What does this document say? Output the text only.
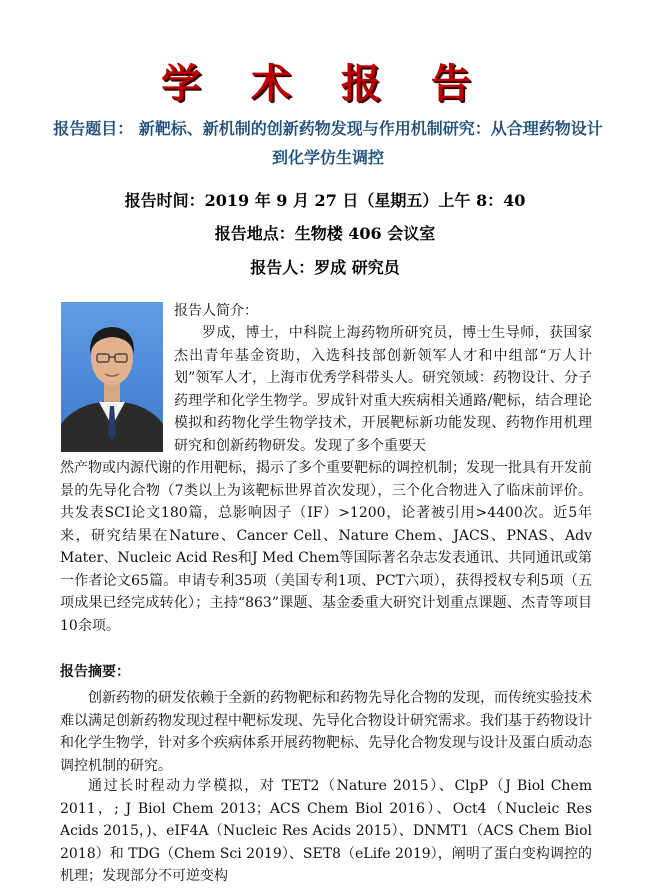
学 术 报 告
报告题目： 新靶标、新机制的创新药物发现与作用机制研究：从合理药物设计到化学仿生调控
报告时间：2019 年 9 月 27 日（星期五）上午 8：40
报告地点：生物楼 406 会议室
报告人：罗成 研究员
报告人简介：
罗成，博士，中科院上海药物所研究员，博士生导师，获国家杰出青年基金资助，入选科技部创新领军人才和中组部“万人计划”领军人才，上海市优秀学科带头人。研究领域：药物设计、分子药理学和化学生物学。罗成针对重大疾病相关通路/靶标，结合理论模拟和药物化学生物学技术，开展靶标新功能发现、药物作用机理研究和创新药物研发。发现了多个重要天
然产物或内源代谢的作用靶标，揭示了多个重要靶标的调控机制；发现一批具有开发前景的先导化合物（7类以上为该靶标世界首次发现），三个化合物进入了临床前评价。共发表SCI论文180篇，总影响因子（IF）>1200，论著被引用>4400次。近5年来，研究结果在Nature、Cancer Cell、Nature Chem、JACS、PNAS、Adv Mater、Nucleic Acid Res和J Med Chem等国际著名杂志发表通讯、共同通讯或第一作者论文65篇。申请专利35项（美国专利1项、PCT六项），获得授权专利5项（五项成果已经完成转化）；主持“863”课题、基金委重大研究计划重点课题、杰青等项目10余项。
报告摘要：
创新药物的研发依赖于全新的药物靶标和药物先导化合物的发现，而传统实验技术难以满足创新药物发现过程中靶标发现、先导化合物设计研究需求。我们基于药物设计和化学生物学，针对多个疾病体系开展药物靶标、先导化合物发现与设计及蛋白质动态调控机制的研究。
通过长时程动力学模拟，对 TET2（Nature 2015）、ClpP（J Biol Chem 2011，; J Biol Chem 2013；ACS Chem Biol 2016）、Oct4（Nucleic Res Acids 2015，)、eIF4A（Nucleic Res Acids 2015）、DNMT1（ACS Chem Biol 2018）和 TDG（Chem Sci 2019）、SET8（eLife 2019），阐明了蛋白变构调控的机理；发现部分不可逆变构
